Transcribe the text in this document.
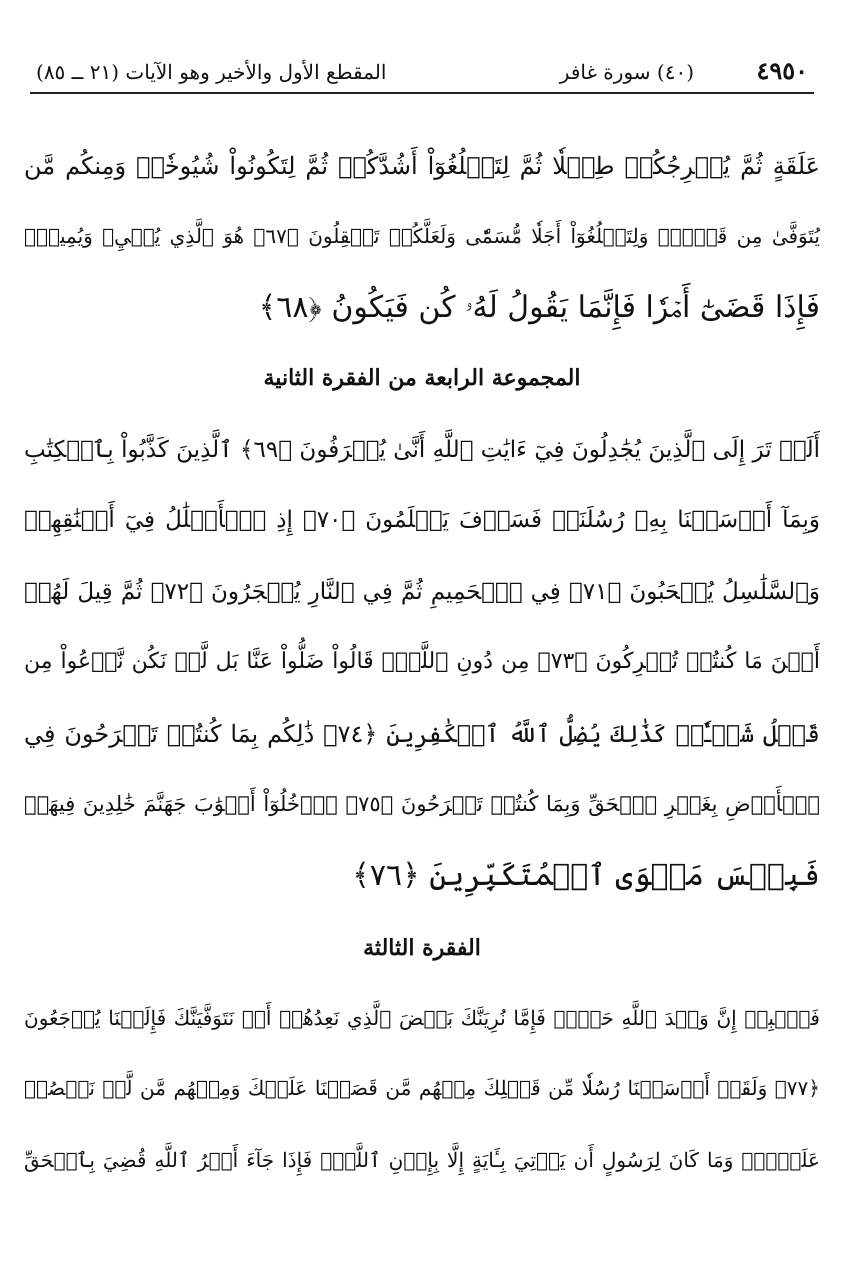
٤٩٥٠
(٤٠) سورة غافر
المقطع الأول والأخير وهو الآيات (٢١ ــ ٨٥)
عَلَقَةٍ ثُمَّ يُخۡرِجُكُمۡ طِفۡلٗا ثُمَّ لِتَبۡلُغُوٓاْ أَشُدَّكُمۡ ثُمَّ لِتَكُونُواْ شُيُوخٗاۚ وَمِنكُم مَّن
يُتَوَفَّىٰ مِن قَبۡلُۖ وَلِتَبۡلُغُوٓاْ أَجَلٗا مُّسَمّٗى وَلَعَلَّكُمۡ تَعۡقِلُونَ ﴿٦٧﴾ هُوَ ٱلَّذِي يُحۡيِۦ وَيُمِيتُۖ
فَإِذَا قَضَىٰٓ أَمۡرٗا فَإِنَّمَا يَقُولُ لَهُۥ كُن فَيَكُونُ ﴿٦٨﴾
المجموعة الرابعة من الفقرة الثانية
أَلَمۡ تَرَ إِلَى ٱلَّذِينَ يُجَٰدِلُونَ فِيٓ ءَايَٰتِ ٱللَّهِ أَنَّىٰ يُصۡرَفُونَ ﴿٦٩﴾ ٱلَّذِينَ كَذَّبُواْ بِٱلۡكِتَٰبِ
وَبِمَآ أَرۡسَلۡنَا بِهِۦ رُسُلَنَاۖ فَسَوۡفَ يَعۡلَمُونَ ﴿٧٠﴾ إِذِ ٱلۡأَغۡلَٰلُ فِيٓ أَعۡنَٰقِهِمۡ
وَٱلسَّلَٰسِلُ يُسۡحَبُونَ ﴿٧١﴾ فِي ٱلۡحَمِيمِ ثُمَّ فِي ٱلنَّارِ يُسۡجَرُونَ ﴿٧٢﴾ ثُمَّ قِيلَ لَهُمۡ
أَيۡنَ مَا كُنتُمۡ تُشۡرِكُونَ ﴿٧٣﴾ مِن دُونِ ٱللَّهِۖ قَالُواْ ضَلُّواْ عَنَّا بَل لَّمۡ نَكُن نَّدۡعُواْ مِن
قَبۡلُ شَيۡـٔٗاۚ كَذَٰلِكَ يُضِلُّ ٱللَّهُ ٱلۡكَٰفِرِينَ ﴿٧٤﴾ ذَٰلِكُم بِمَا كُنتُمۡ تَفۡرَحُونَ فِي
ٱلۡأَرۡضِ بِغَيۡرِ ٱلۡحَقِّ وَبِمَا كُنتُمۡ تَمۡرَحُونَ ﴿٧٥﴾ ٱدۡخُلُوٓاْ أَبۡوَٰبَ جَهَنَّمَ خَٰلِدِينَ فِيهَاۖ
فَبِئۡسَ مَثۡوَى ٱلۡمُتَكَبِّرِينَ ﴿٧٦﴾
الفقرة الثالثة
فَٱصۡبِرۡ إِنَّ وَعۡدَ ٱللَّهِ حَقّٞۚ فَإِمَّا نُرِيَنَّكَ بَعۡضَ ٱلَّذِي نَعِدُهُمۡ أَوۡ نَتَوَفَّيَنَّكَ فَإِلَيۡنَا يُرۡجَعُونَ
﴿٧٧﴾ وَلَقَدۡ أَرۡسَلۡنَا رُسُلٗا مِّن قَبۡلِكَ مِنۡهُم مَّن قَصَصۡنَا عَلَيۡكَ وَمِنۡهُم مَّن لَّمۡ نَقۡصُصۡ
عَلَيۡكَۗ وَمَا كَانَ لِرَسُولٍ أَن يَأۡتِيَ بِـَٔايَةٍ إِلَّا بِإِذۡنِ ٱللَّهِۚ فَإِذَا جَآءَ أَمۡرُ ٱللَّهِ قُضِيَ بِٱلۡحَقِّ
